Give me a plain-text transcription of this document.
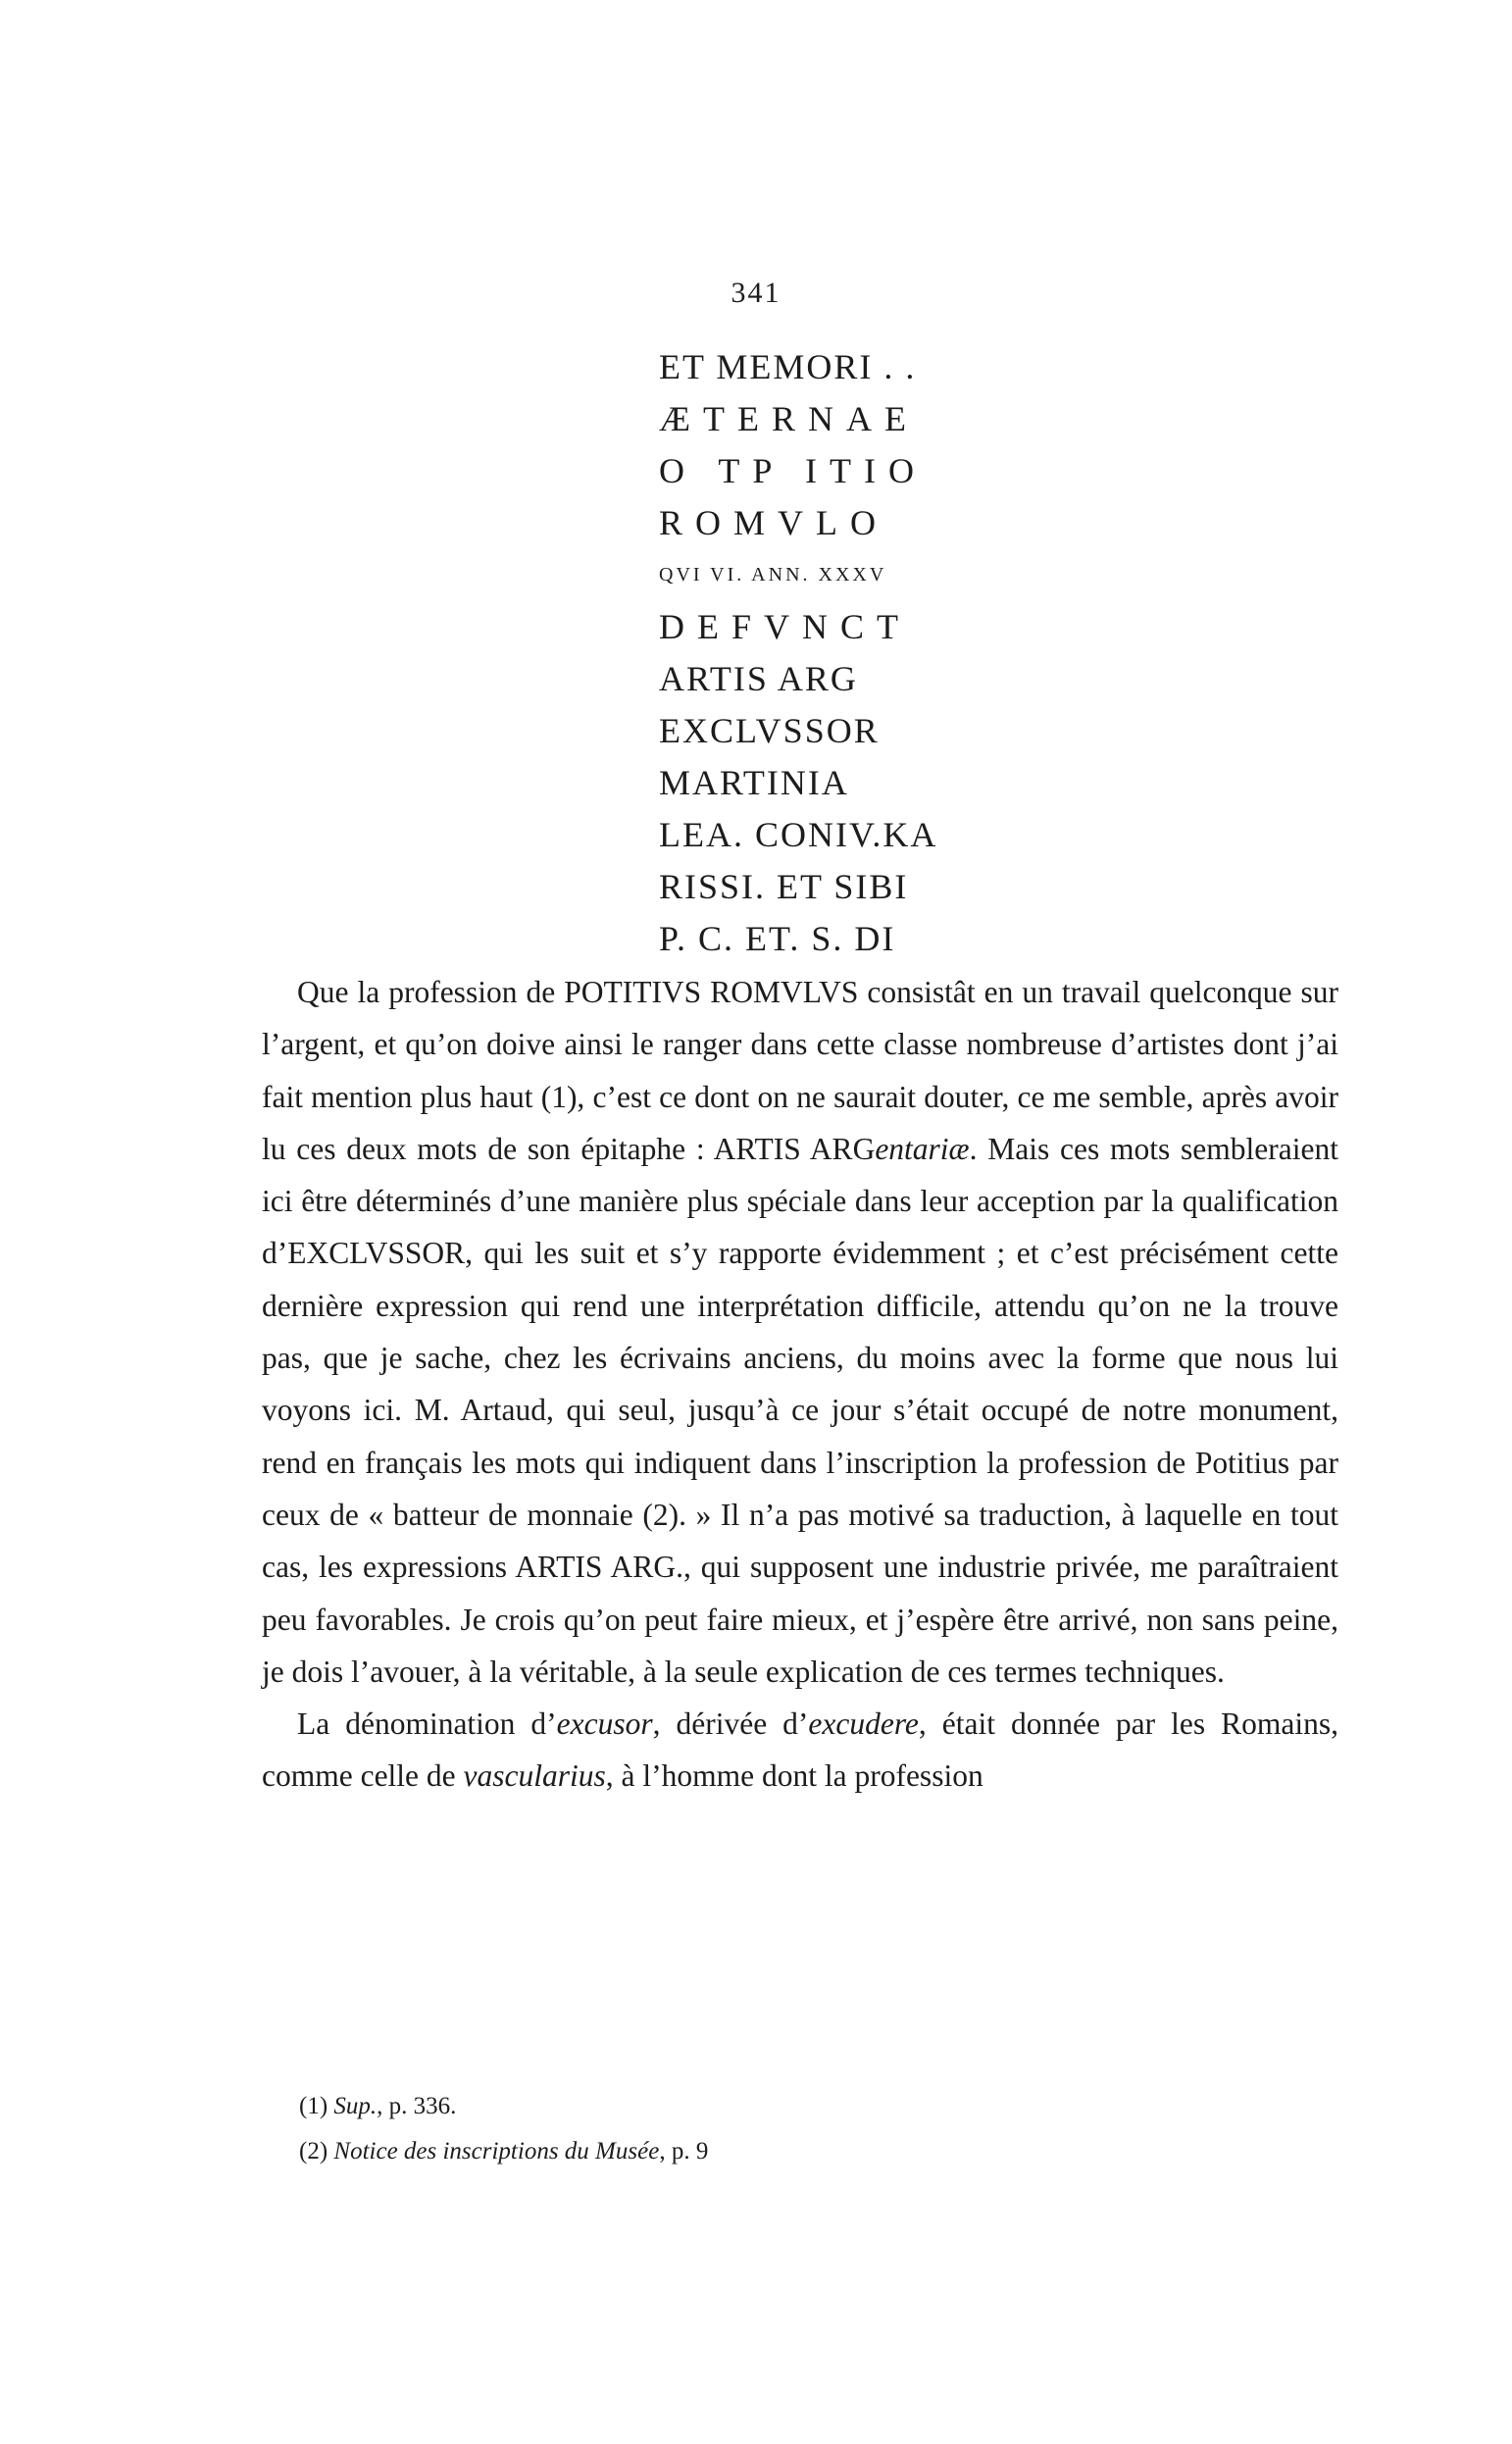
341
ET MEMORI . .
ÆTERNAE
O TP ITIO
ROMVLO
QVI VI. ANN. XXXV
DEFVNCT
ARTIS ARG
EXCLVSSOR
MARTINIA
LEA. CONIV.KA
RISSI. ET SIBI
P. C. ET. S. DI

Que la profession de POTITIVS ROMVLVS consistât en un travail quelconque sur l’argent, et qu’on doive ainsi le ranger dans cette classe nombreuse d’artistes dont j’ai fait mention plus haut (1), c’est ce dont on ne saurait douter, ce me semble, après avoir lu ces deux mots de son épitaphe : ARTIS ARGentariæ. Mais ces mots sembleraient ici être déterminés d’une manière plus spéciale dans leur acception par la qualification d’EXCLVSSOR, qui les suit et s’y rapporte évidemment ; et c’est précisément cette dernière expression qui rend une interprétation difficile, attendu qu’on ne la trouve pas, que je sache, chez les écrivains anciens, du moins avec la forme que nous lui voyons ici. M. Artaud, qui seul, jusqu’à ce jour s’était occupé de notre monument, rend en français les mots qui indiquent dans l’inscription la profession de Potitius par ceux de « batteur de monnaie (2). » Il n’a pas motivé sa traduction, à laquelle en tout cas, les expressions ARTIS ARG., qui supposent une industrie privée, me paraîtraient peu favorables. Je crois qu’on peut faire mieux, et j’espère être arrivé, non sans peine, je dois l’avouer, à la véritable, à la seule explication de ces termes techniques.

La dénomination d’excusor, dérivée d’excudere, était donnée par les Romains, comme celle de vascularius, à l’homme dont la profession

(1) Sup., p. 336.
(2) Notice des inscriptions du Musée, p. 9
